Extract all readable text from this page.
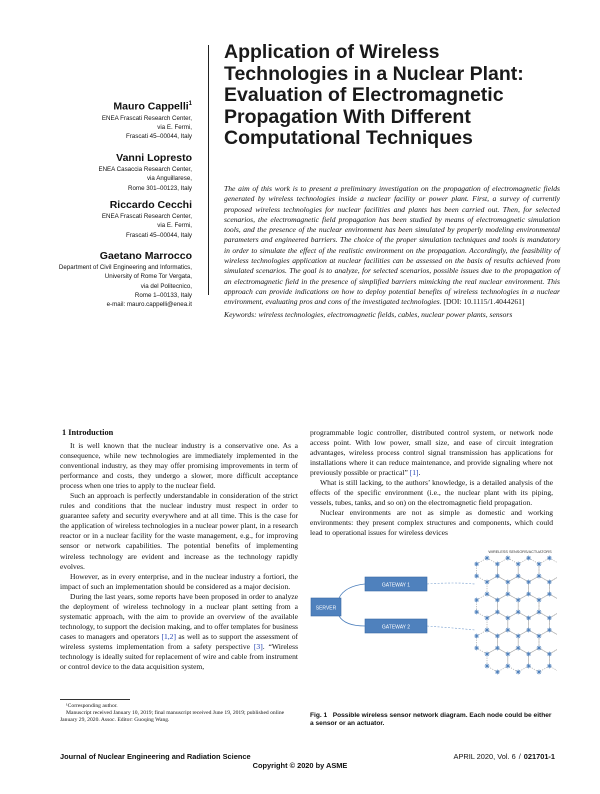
Application of Wireless
Technologies in a Nuclear Plant:
Evaluation of Electromagnetic
Propagation With Different
Computational Techniques
Mauro Cappelli$^1$
ENEA Frascati Research Center,
via E. Fermi,
Frascati 45–00044, Italy
Vanni Lopresto
ENEA Casaccia Research Center,
via Anguillarese,
Rome 301–00123, Italy
Riccardo Cecchi
ENEA Frascati Research Center,
via E. Fermi,
Frascati 45–00044, Italy
Gaetano Marrocco
Department of Civil Engineering and Informatics,
University of Rome Tor Vergata,
via del Politecnico,
Rome 1–00133, Italy
e-mail: mauro.cappelli@enea.it
The aim of this work is to present a preliminary investigation on the propagation of electromagnetic fields generated by wireless technologies inside a nuclear facility or power plant. First, a survey of currently proposed wireless technologies for nuclear facilities and plants has been carried out. Then, for selected scenarios, the electromagnetic field propagation has been studied by means of electromagnetic simulation tools, and the presence of the nuclear environment has been simulated by properly modeling environmental parameters and engineered barriers. The choice of the proper simulation techniques and tools is mandatory in order to simulate the effect of the realistic environment on the propagation. Accordingly, the feasibility of wireless technologies application at nuclear facilities can be assessed on the basis of results achieved from simulated scenarios. The goal is to analyze, for selected scenarios, possible issues due to the propagation of an electromagnetic field in the presence of simplified barriers mimicking the real nuclear environment. This approach can provide indications on how to deploy potential benefits of wireless technologies in a nuclear environment, evaluating pros and cons of the investigated technologies. [DOI: 10.1115/1.4044261]
Keywords: wireless technologies, electromagnetic fields, cables, nuclear power plants, sensors
1 Introduction

It is well known that the nuclear industry is a conservative one. As a consequence, while new technologies are immediately implemented in the conventional industry, as they may offer promising improvements in term of performance and costs, they undergo a slower, more difficult acceptance process when one tries to apply to the nuclear field.

Such an approach is perfectly understandable in consideration of the strict rules and conditions that the nuclear industry must respect in order to guarantee safety and security everywhere and at all time. This is the case for the application of wireless technologies in a nuclear power plant, in a research reactor or in a nuclear facility for the waste management, e.g., for improving sensor or network capabilities. The potential benefits of implementing wireless technology are evident and increase as the technology rapidly evolves.

However, as in every enterprise, and in the nuclear industry a fortiori, the impact of such an implementation should be considered as a major decision.

During the last years, some reports have been proposed in order to analyze the deployment of wireless technology in a nuclear plant setting from a systematic approach, with the aim to provide an overview of the available technology, to support the decision making, and to offer templates for business cases to managers and operators [1,2] as well as to support the assessment of wireless systems implementation from a safety perspective [3]. “Wireless technology is ideally suited for replacement of wire and cable from instrument or control device to the data acquisition system,

programmable logic controller, distributed control system, or network node access point. With low power, small size, and ease of circuit integration advantages, wireless process control signal transmission has applications for installations where it can reduce maintenance, and provide signaling where not previously possible or practical” [1].

What is still lacking, to the authors’ knowledge, is a detailed analysis of the effects of the specific environment (i.e., the nuclear plant with its piping, vessels, tubes, tanks, and so on) on the electromagnetic field propagation.

Nuclear environments are not as simple as domestic and working environments: they present complex structures and components, which could lead to operational issues for wireless devices

WIRELESS SENSORS/ACTUATORS
SERVER
GATEWAY 1
GATEWAY 2
Fig. 1 Possible wireless sensor network diagram. Each node could be either a sensor or an actuator.

¹Corresponding author.

Manuscript received January 10, 2019; final manuscript received June 19, 2019; published online January 29, 2020. Assoc. Editor: Guoqing Wang.

Journal of Nuclear Engineering and Radiation Science	APRIL 2020, Vol. 6 / 021701-1
Copyright © 2020 by ASME
